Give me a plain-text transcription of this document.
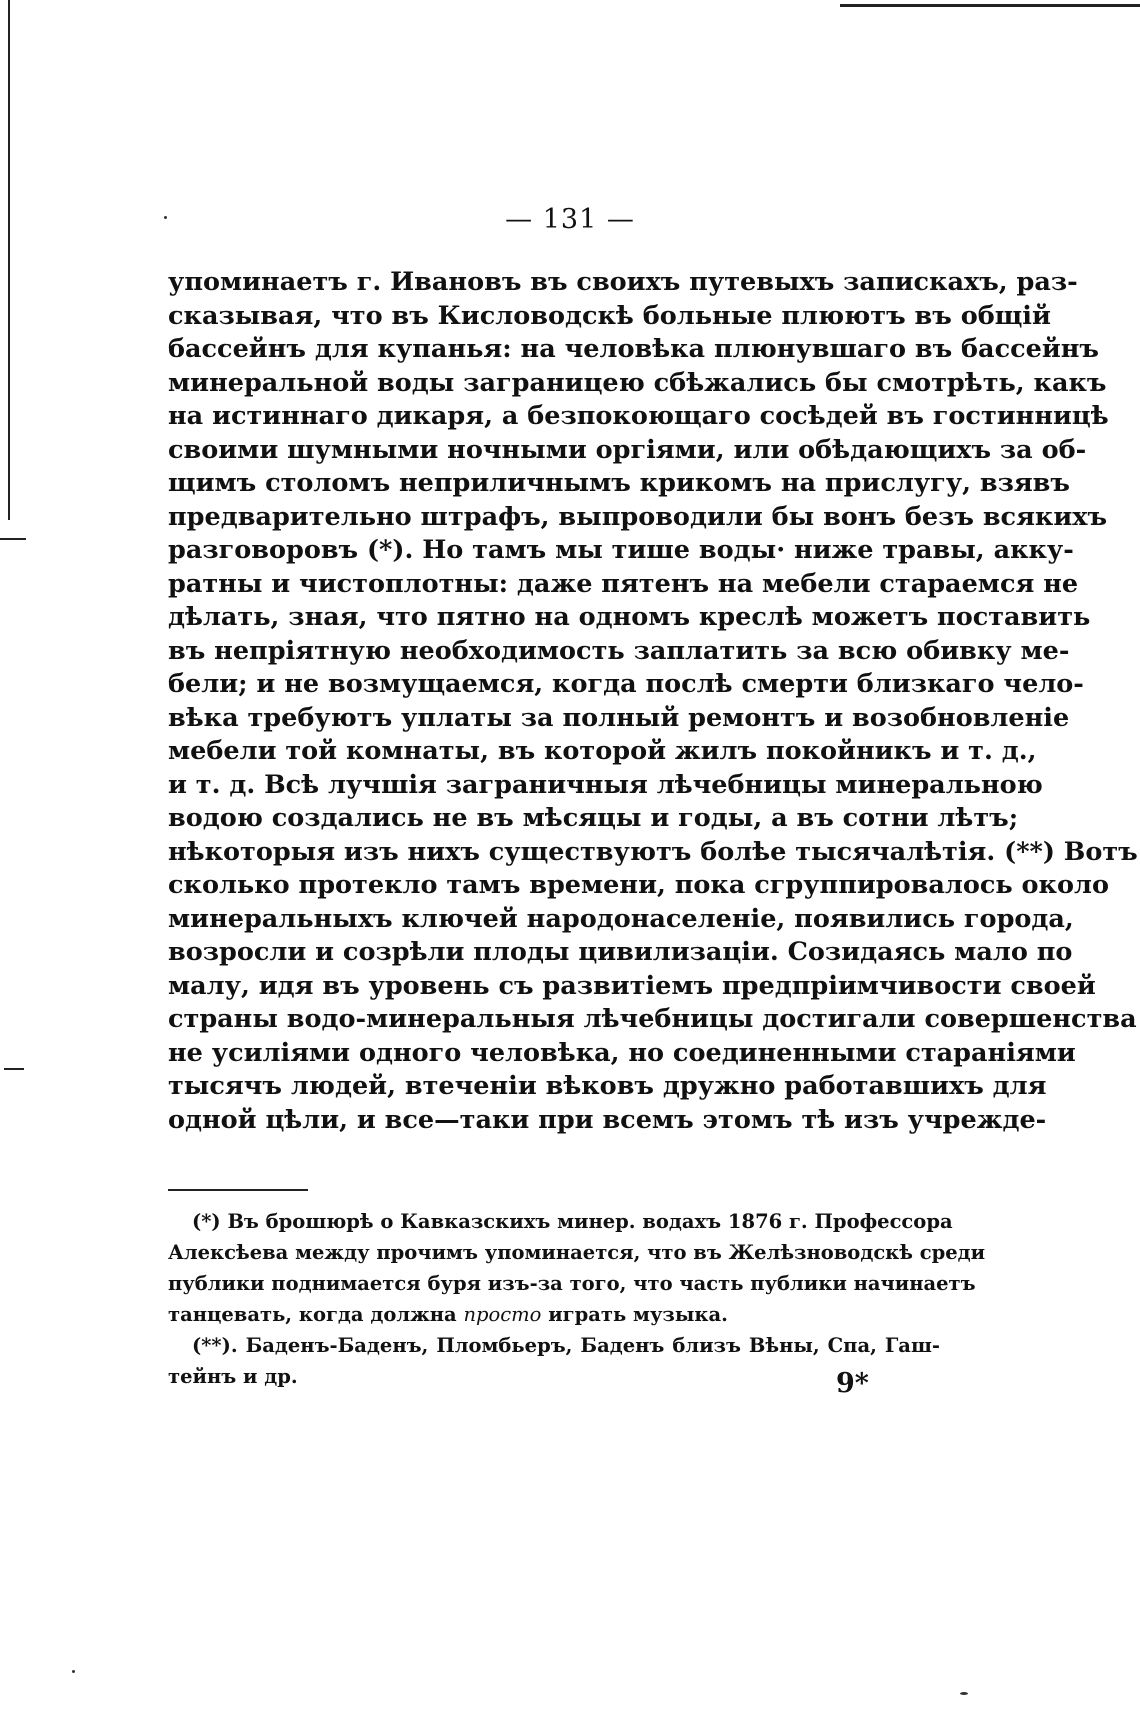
— 131 —
упоминаетъ г. Ивановъ въ своихъ путевыхъ запискахъ, раз-
сказывая, что въ Кисловодскѣ больные плюютъ въ общій
бассейнъ для купанья: на человѣка плюнувшаго въ бассейнъ
минеральной воды заграницею сбѣжались бы смотрѣть, какъ
на истиннаго дикаря, а безпокоющаго сосѣдей въ гостинницѣ
своими шумными ночными оргіями, или обѣдающихъ за об-
щимъ столомъ неприличнымъ крикомъ на прислугу, взявъ
предварительно штрафъ, выпроводили бы вонъ безъ всякихъ
разговоровъ (*). Но тамъ мы тише воды· ниже травы, акку-
ратны и чистоплотны: даже пятенъ на мебели стараемся не
дѣлать, зная, что пятно на одномъ креслѣ можетъ поставить
въ непріятную необходимость заплатить за всю обивку ме-
бели; и не возмущаемся, когда послѣ смерти близкаго чело-
вѣка требуютъ уплаты за полный ремонтъ и возобновленіе
мебели той комнаты, въ которой жилъ покойникъ и т. д.,
и т. д. Всѣ лучшія заграничныя лѣчебницы минеральною
водою создались не въ мѣсяцы и годы, а въ сотни лѣтъ;
нѣкоторыя изъ нихъ существуютъ болѣе тысячалѣтія. (**) Вотъ
сколько протекло тамъ времени, пока сгруппировалось около
минеральныхъ ключей народонаселеніе, появились города,
возросли и созрѣли плоды цивилизаціи. Созидаясь мало по
малу, идя въ уровень съ развитіемъ предпріимчивости своей
страны водо-минеральныя лѣчебницы достигали совершенства
не усиліями одного человѣка, но соединенными стараніями
тысячъ людей, втеченіи вѣковъ дружно работавшихъ для
одной цѣли, и все—таки при всемъ этомъ тѣ изъ учрежде-
(*) Въ брошюрѣ о Кавказскихъ минер. водахъ 1876 г. Профессора
Алексѣева между прочимъ упоминается, что въ Желѣзноводскѣ среди
публики поднимается буря изъ-за того, что часть публики начинаетъ
танцевать, когда должна просто играть музыка.
(**). Баденъ-Баденъ, Пломбьеръ, Баденъ близъ Вѣны, Спа, Гаш-
тейнъ и др.	9*
